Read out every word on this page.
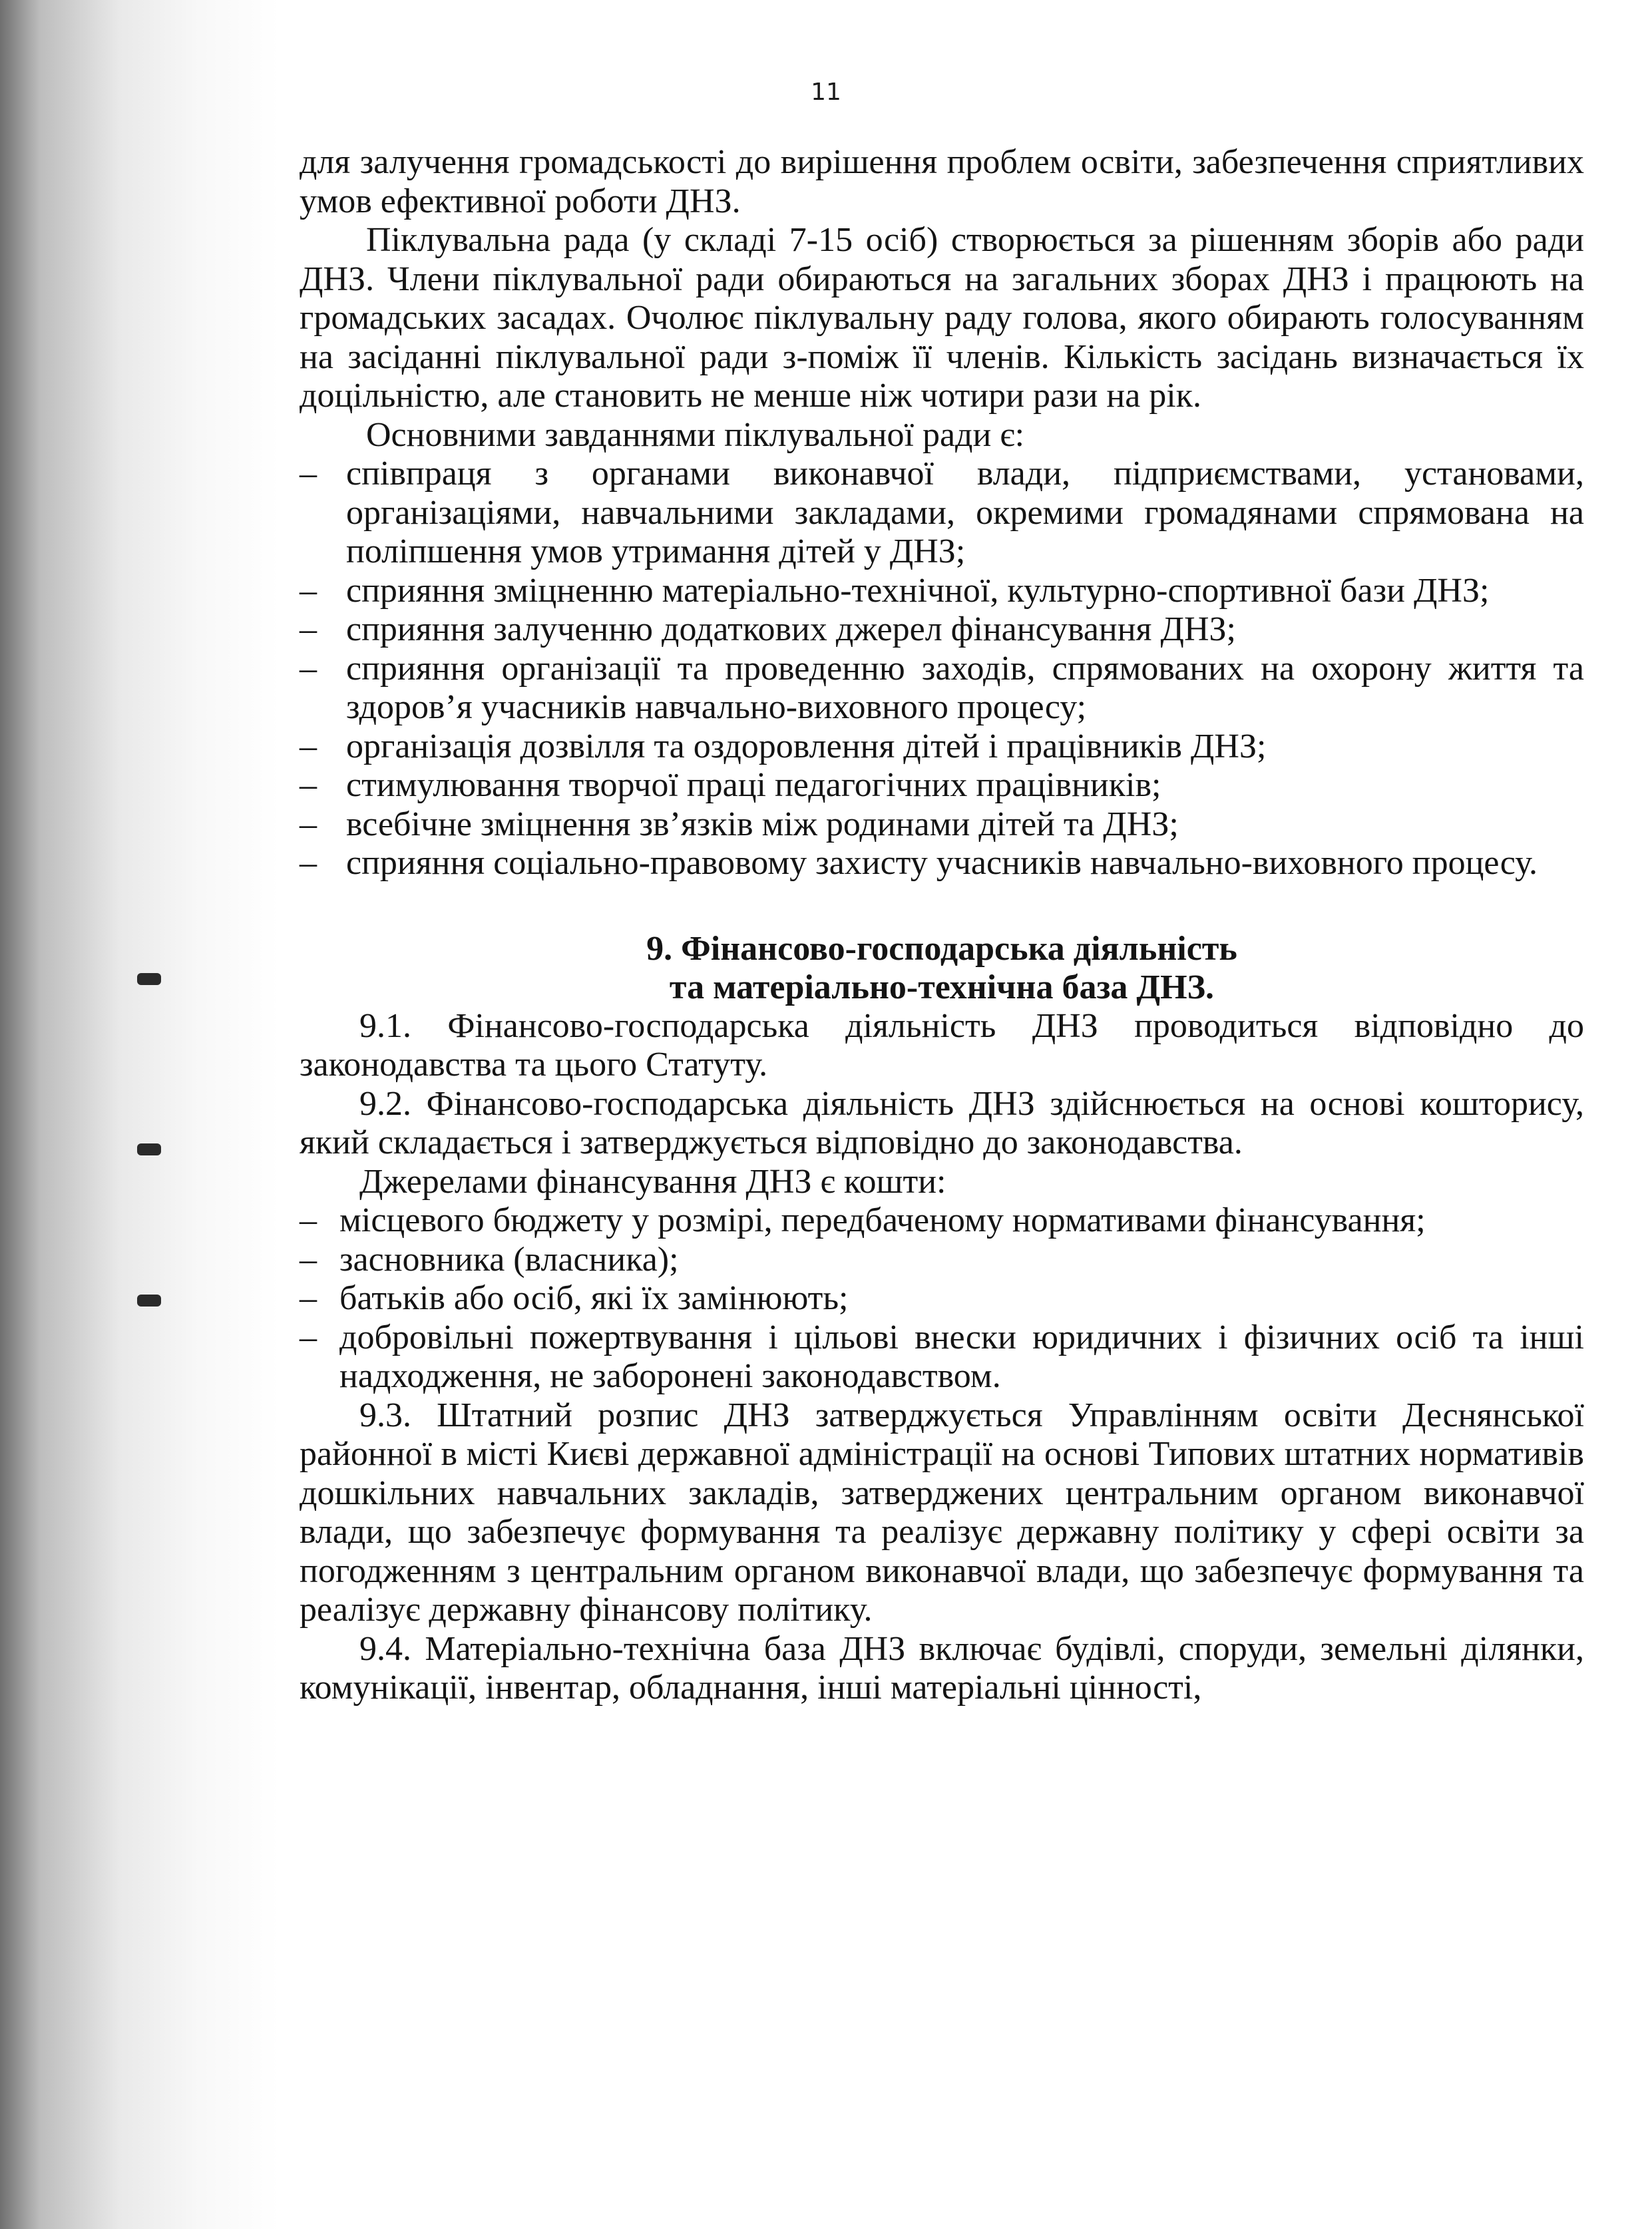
11

для залучення громадськості до вирішення проблем освіти, забезпечення сприятливих умов ефективної роботи ДНЗ.

Піклувальна рада (у складі 7-15 осіб) створюється за рішенням зборів або ради ДНЗ. Члени піклувальної ради обираються на загальних зборах ДНЗ і працюють на громадських засадах. Очолює піклувальну раду голова, якого обирають голосуванням на засіданні піклувальної ради з-поміж її членів. Кількість засідань визначається їх доцільністю, але становить не менше ніж чотири рази на рік.

Основними завданнями піклувальної ради є:

– співпраця з органами виконавчої влади, підприємствами, установами, організаціями, навчальними закладами, окремими громадянами спрямована на поліпшення умов утримання дітей у ДНЗ;
– сприяння зміцненню матеріально-технічної, культурно-спортивної бази ДНЗ;
– сприяння залученню додаткових джерел фінансування ДНЗ;
– сприяння організації та проведенню заходів, спрямованих на охорону життя та здоров’я учасників навчально-виховного процесу;
– організація дозвілля та оздоровлення дітей і працівників ДНЗ;
– стимулювання творчої праці педагогічних працівників;
– всебічне зміцнення зв’язків між родинами дітей та ДНЗ;
– сприяння соціально-правовому захисту учасників навчально-виховного процесу.
9. Фінансово-господарська діяльність
та матеріально-технічна база ДНЗ.

9.1. Фінансово-господарська діяльність ДНЗ проводиться відповідно до законодавства та цього Статуту.

9.2. Фінансово-господарська діяльність ДНЗ здійснюється на основі кошторису, який складається і затверджується відповідно до законодавства.

Джерелами фінансування ДНЗ є кошти:

– місцевого бюджету у розмірі, передбаченому нормативами фінансування;
– засновника (власника);
– батьків або осіб, які їх замінюють;
– добровільні пожертвування і цільові внески юридичних і фізичних осіб та інші надходження, не заборонені законодавством.

9.3. Штатний розпис ДНЗ затверджується Управлінням освіти Деснянської районної в місті Києві державної адміністрації на основі Типових штатних нормативів дошкільних навчальних закладів, затверджених центральним органом виконавчої влади, що забезпечує формування та реалізує державну політику у сфері освіти за погодженням з центральним органом виконавчої влади, що забезпечує формування та реалізує державну фінансову політику.

9.4. Матеріально-технічна база ДНЗ включає будівлі, споруди, земельні ділянки, комунікації, інвентар, обладнання, інші матеріальні цінності,
